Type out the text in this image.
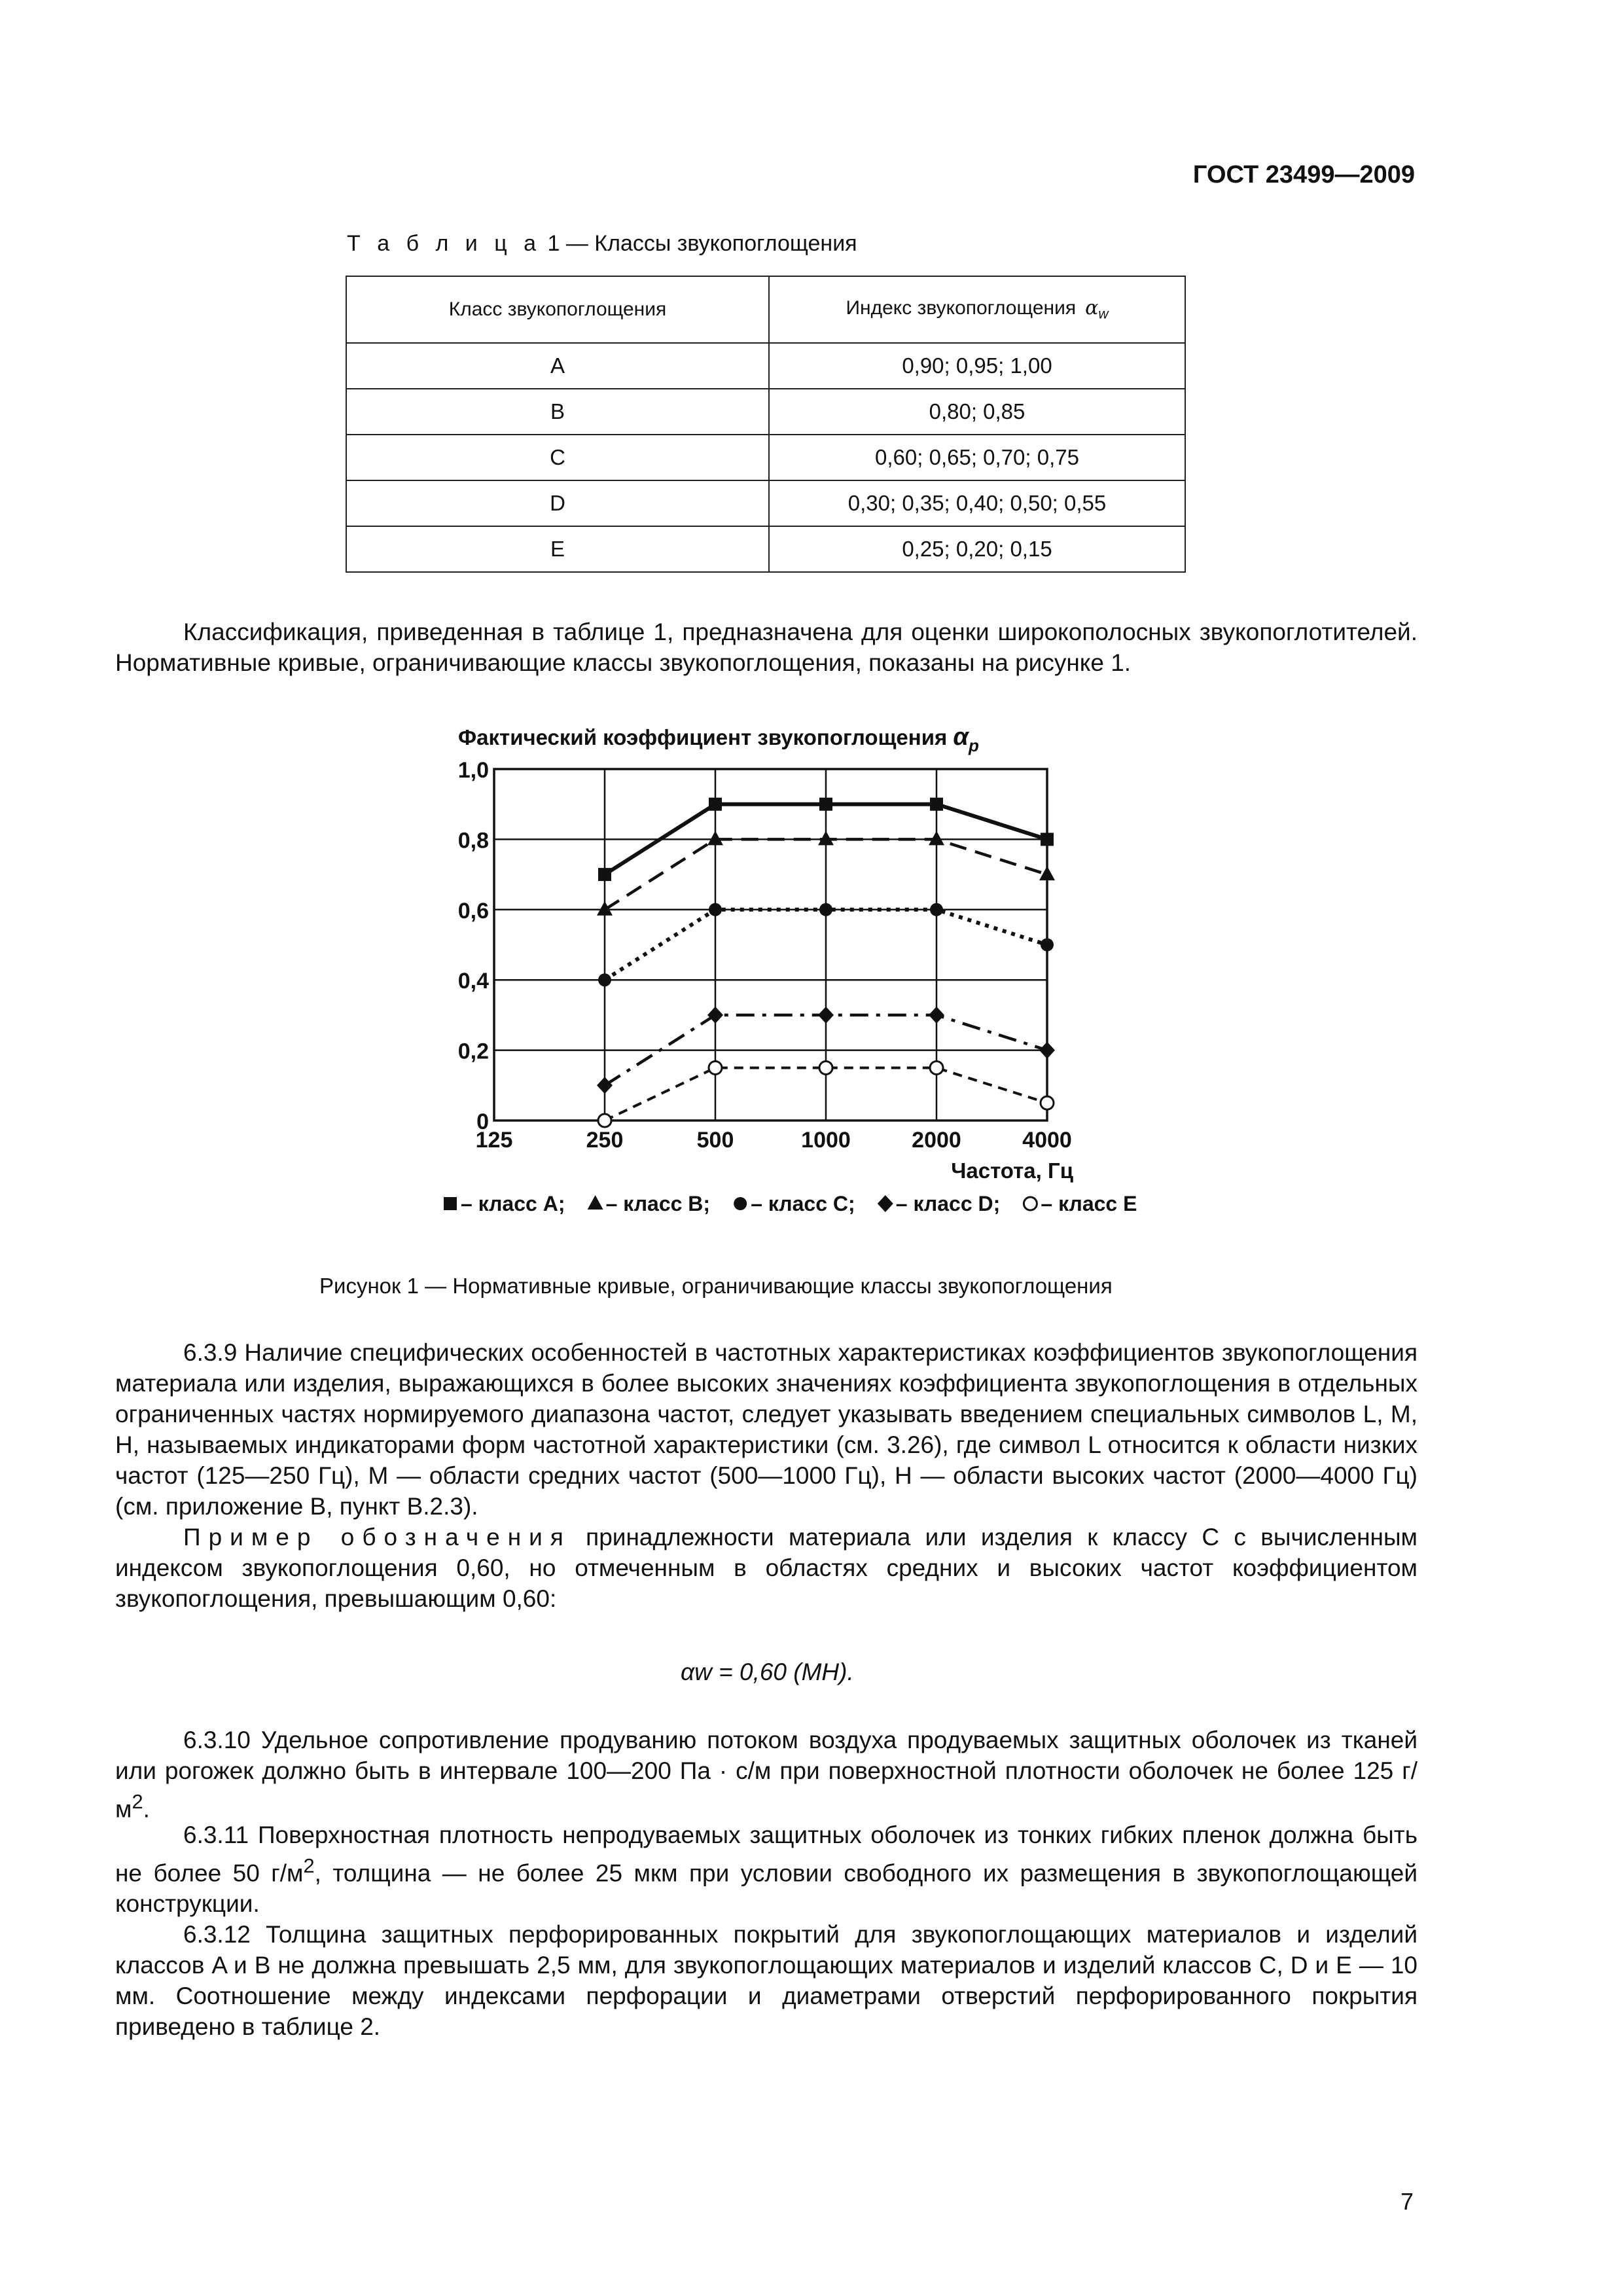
ГОСТ 23499—2009
Т а б л и ц а 1 — Классы звукопоглощения
Класс звукопоглощения	Индекс звукопоглощения $\alpha_w$
A	0,90; 0,95; 1,00
B	0,80; 0,85
C	0,60; 0,65; 0,70; 0,75
D	0,30; 0,35; 0,40; 0,50; 0,55
E	0,25; 0,20; 0,15

Классификация, приведенная в таблице 1, предназначена для оценки широкополосных звукопоглотителей. Нормативные кривые, ограничивающие классы звукопоглощения, показаны на рисунке 1.

0
0,2
0,4
0,6
0,8
1,0
125	250	500	1000	2000	4000
Частота, Гц
Фактический коэффициент звукопоглощения $\alpha_p$
– класс A; – класс B; – класс C; – класс D; – класс E
Рисунок 1 — Нормативные кривые, ограничивающие классы звукопоглощения

6.3.9 Наличие специфических особенностей в частотных характеристиках коэффициентов звукопоглощения материала или изделия, выражающихся в более высоких значениях коэффициента звукопоглощения в отдельных ограниченных частях нормируемого диапазона частот, следует указывать введением специальных символов L, M, H, называемых индикаторами форм частотной характеристики (см. 3.26), где символ L относится к области низких частот (125—250 Гц), M — области средних частот (500—1000 Гц), H — области высоких частот (2000—4000 Гц) (см. приложение В, пункт В.2.3).

Пример обозначения принадлежности материала или изделия к классу C с вычисленным индексом звукопоглощения 0,60, но отмеченным в областях средних и высоких частот коэффициентом звукопоглощения, превышающим 0,60:

αw = 0,60 (MH).

6.3.10 Удельное сопротивление продуванию потоком воздуха продуваемых защитных оболочек из тканей или рогожек должно быть в интервале 100—200 Па · с/м при поверхностной плотности оболочек не более 125 $г/м^2$.

6.3.11 Поверхностная плотность непродуваемых защитных оболочек из тонких гибких пленок должна быть не более 50 $г/м^2$, толщина — не более 25 мкм при условии свободного их размещения в звукопоглощающей конструкции.

6.3.12 Толщина защитных перфорированных покрытий для звукопоглощающих материалов и изделий классов A и B не должна превышать 2,5 мм, для звукопоглощающих материалов и изделий классов C, D и E — 10 мм. Соотношение между индексами перфорации и диаметрами отверстий перфорированного покрытия приведено в таблице 2.

7
